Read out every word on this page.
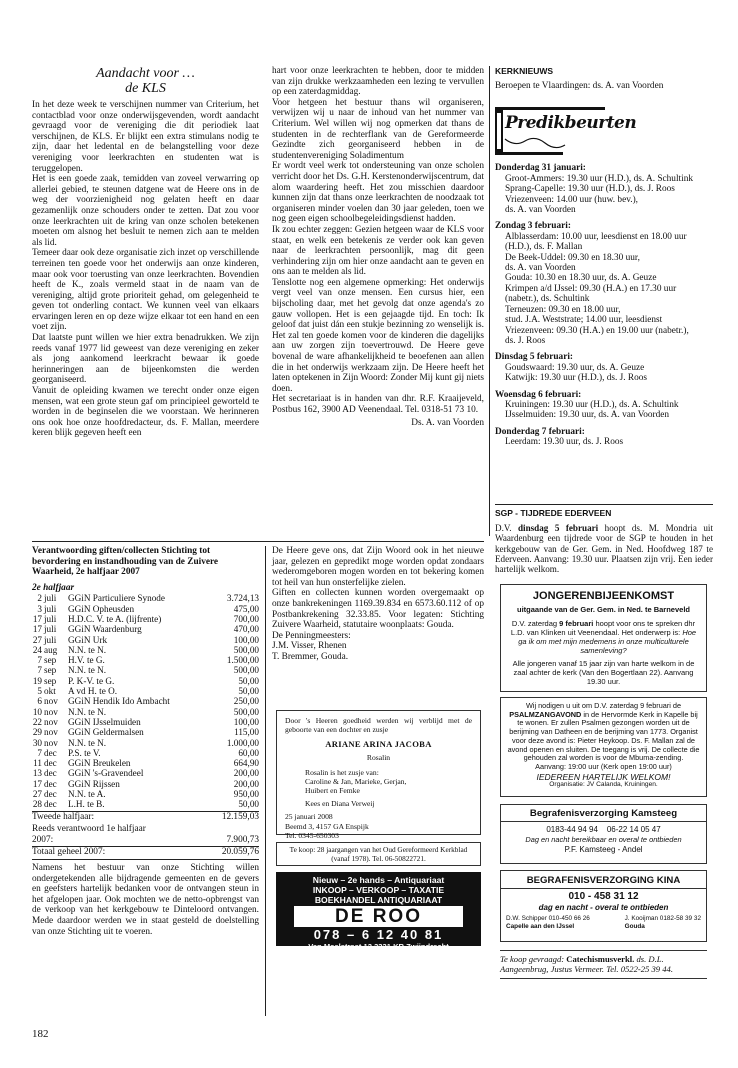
Aandacht voor …
de KLS

In het deze week te verschijnen nummer van Criterium, het contactblad voor onze onderwijsgevenden, wordt aandacht gevraagd voor de vereniging die dit periodiek laat verschijnen, de KLS. Er blijkt een extra stimulans nodig te zijn, daar het ledental en de belangstelling voor deze vereniging voor leerkrachten en studenten wat is teruggelopen.

Het is een goede zaak, temidden van zoveel verwarring op allerlei gebied, te steunen datgene wat de Heere ons in de weg der voorzienigheid nog gelaten heeft en daar gezamenlijk onze schouders onder te zetten. Dat zou voor onze leerkrachten uit de kring van onze scholen betekenen moeten om alsnog het besluit te nemen zich aan te melden als lid.

Temeer daar ook deze organisatie zich inzet op verschillende terreinen ten goede voor het onderwijs aan onze kinderen, maar ook voor toerusting van onze leerkrachten. Bovendien heeft de K., zoals vermeld staat in de naam van de vereniging, altijd grote prioriteit gehad, om gelegenheid te geven tot onderling contact. We kunnen veel van elkaars ervaringen leren en op deze wijze elkaar tot een hand en een voet zijn.

Dat laatste punt willen we hier extra benadrukken. We zijn reeds vanaf 1977 lid geweest van deze vereniging en zeker als jong aankomend leerkracht bewaar ik goede herinneringen aan de bijeenkomsten die werden georganiseerd.

Vanuit de opleiding kwamen we terecht onder onze eigen mensen, wat een grote steun gaf om principieel geworteld te worden in de beginselen die we voorstaan. We herinneren ons ook hoe onze hoofdredacteur, ds. F. Mallan, meerdere keren blijk gegeven heeft een

hart voor onze leerkrachten te hebben, door te midden van zijn drukke werkzaamheden een lezing te vervullen op een zaterdagmiddag.

Voor hetgeen het bestuur thans wil organiseren, verwijzen wij u naar de inhoud van het nummer van Criterium. Wel willen wij nog opmerken dat thans de studenten in de rechterflank van de Gereformeerde Gezindte zich georganiseerd hebben in de studentenvereniging Soladimentum

Er wordt veel werk tot ondersteuning van onze scholen verricht door het Ds. G.H. Kerstenonderwijscentrum, dat alom waardering heeft. Het zou misschien daardoor kunnen zijn dat thans onze leerkrachten de noodzaak tot organiseren minder voelen dan 30 jaar geleden, toen we nog geen eigen schoolbegeleidingsdienst hadden.

Ik zou echter zeggen: Gezien hetgeen waar de KLS voor staat, en welk een betekenis ze verder ook kan geven naar de leerkrachten persoonlijk, mag dit geen verhindering zijn om hier onze aandacht aan te geven en ons aan te melden als lid.

Tenslotte nog een algemene opmerking: Het onderwijs vergt veel van onze mensen. Een cursus hier, een bijscholing daar, met het gevolg dat onze agenda's zo gauw vollopen. Het is een gejaagde tijd. En toch: Ik geloof dat juist dán een stukje bezinning zo wenselijk is. Het zal ten goede komen voor de kinderen die dagelijks aan uw zorgen zijn toevertrouwd. De Heere geve bovenal de ware afhankelijkheid te beoefenen aan allen die in het onderwijs werkzaam zijn. De Heere heeft het laten optekenen in Zijn Woord: Zonder Mij kunt gij niets doen.

Het secretariaat is in handen van dhr. R.F. Kraaijeveld, Postbus 162, 3900 AD Veenendaal. Tel. 0318-51 73 10.

Ds. A. van Voorden

KERKNIEUWS
Beroepen te Vlaardingen: ds. A. van Voorden
Predikbeurten
Donderdag 31 januari:
Groot-Ammers: 19.30 uur (H.D.), ds. A. Schultink
Sprang-Capelle: 19.30 uur (H.D.), ds. J. Roos
Vriezenveen: 14.00 uur (huw. bev.),
ds. A. van Voorden
Zondag 3 februari:
Alblasserdam: 10.00 uur, leesdienst en 18.00 uur
(H.D.), ds. F. Mallan
De Beek-Uddel: 09.30 en 18.30 uur,
ds. A. van Voorden
Gouda: 10.30 en 18.30 uur, ds. A. Geuze
Krimpen a/d IJssel: 09.30 (H.A.) en 17.30 uur
(nabetr.), ds. Schultink
Terneuzen: 09.30 en 18.00 uur,
stud. J.A. Weststrate; 14.00 uur, leesdienst
Vriezenveen: 09.30 (H.A.) en 19.00 uur (nabetr.),
ds. J. Roos
Dinsdag 5 februari:
Goudswaard: 19.30 uur, ds. A. Geuze
Katwijk: 19.30 uur (H.D.), ds. J. Roos
Woensdag 6 februari:
Kruiningen: 19.30 uur (H.D.), ds. A. Schultink
IJsselmuiden: 19.30 uur, ds. A. van Voorden
Donderdag 7 februari:
Leerdam: 19.30 uur, ds. J. Roos
SGP - TIJDREDE EDERVEEN
D.V. dinsdag 5 februari hoopt ds. M. Mondria uit Waardenburg een tijdrede voor de SGP te houden in het kerkgebouw van de Ger. Gem. in Ned. Hoofdweg 187 te Ederveen. Aanvang: 19.30 uur. Plaatsen zijn vrij. Een ieder hartelijk welkom.
JONGERENBIJEENKOMST
uitgaande van de Ger. Gem. in Ned. te Barneveld
D.V. zaterdag 9 februari hoopt voor ons te spreken dhr L.D. van Klinken uit Veenendaal. Het onderwerp is: Hoe ga ik om met mijn medemens in onze multiculturele samenleving?
Alle jongeren vanaf 15 jaar zijn van harte welkom in de zaal achter de kerk (Van den Bogertlaan 22). Aanvang 19.30 uur.
Wij nodigen u uit om D.V. zaterdag 9 februari de PSALMZANGAVOND in de Hervormde Kerk in Kapelle bij te wonen. Er zullen Psalmen gezongen worden uit de berijming van Datheen en de berijming van 1773. Organist voor deze avond is: Pieter Heykoop. Ds. F. Mallan zal de avond openen en sluiten. De toegang is vrij. De collecte die gehouden zal worden is voor de Mbuma-zending.
Aanvang: 19:00 uur (Kerk open 19:00 uur)
IEDEREEN HARTELIJK WELKOM!
Organisatie: JV Calanda, Kruiningen.
Begrafenisverzorging Kamsteeg
0183-44 94 94 06-22 14 05 47
Dag en nacht bereikbaar en overal te ontbieden
P.F. Kamsteeg - Andel
BEGRAFENISVERZORGING KINA
010 - 458 31 12
dag en nacht - overal te ontbieden
D.W. Schipper 010-450 66 26
Capelle aan den IJssel
J. Kooijman 0182-58 39 32
Gouda
Te koop gevraagd: Catechismusverkl. ds. D.L. Aangeenbrug, Justus Vermeer. Tel. 0522-25 39 44.
Verantwoording giften/collecten Stichting tot bevordering en instandhouding van de Zuivere Waarheid, 2e halfjaar 2007
2e halfjaar
2	juli	GGiN Particuliere Synode	3.724,13
3	juli	GGiN Opheusden	475,00
17	juli	H.D.C. V. te A. (lijfrente)	700,00
17	juli	GGiN Waardenburg	470,00
27	juli	GGiN Urk	100,00
24	aug	N.N. te N.	500,00
7	sep	H.V. te G.	1.500,00
7	sep	N.N. te N.	500,00
19	sep	P. K-V. te G.	50,00
5	okt	A vd H. te O.	50,00
6	nov	GGiN Hendik Ido Ambacht	250,00
10	nov	N.N. te N.	500,00
22	nov	GGiN IJsselmuiden	100,00
29	nov	GGiN Geldermalsen	115,00
30	nov	N.N. te N.	1.000,00
7	dec	P.S. te V.	60,00
11	dec	GGiN Breukelen	664,90
13	dec	GGiN 's-Gravendeel	200,00
17	dec	GGiN Rijssen	200,00
27	dec	N.N. te A.	950,00
28	dec	L.H. te B.	50,00
Tweede halfjaar:	12.159,03
Reeds verantwoord 1e halfjaar
2007:	7.900,73
Totaal geheel 2007:	20.059,76

Namens het bestuur van onze Stichting willen ondergetekenden alle bijdragende gemeenten en de gevers en geefsters hartelijk bedanken voor de ontvangen steun in het afgelopen jaar. Ook mochten we de netto-opbrengst van de verkoop van het kerkgebouw te Dinteloord ontvangen. Mede daardoor werden we in staat gesteld de doelstelling van onze Stichting uit te voeren.

De Heere geve ons, dat Zijn Woord ook in het nieuwe jaar, gelezen en gepredikt moge worden opdat zondaars wederomgeboren mogen worden en tot bekering komen tot heil van hun onsterfelijke zielen.

Giften en collecten kunnen worden overgemaakt op onze bankrekeningen 1169.39.834 en 6573.60.112 of op Postbankrekening 32.33.85. Voor legaten: Stichting Zuivere Waarheid, statutaire woonplaats: Gouda.

De Penningmeesters:

J.M. Visser, Rhenen

T. Bremmer, Gouda.

Door 's Heeren goedheid werden wij verblijd met de geboorte van een dochter en zusje
ARIANE ARINA JACOBA
Rosalin
Rosalin is het zusje van:
Caroline & Jan, Marieke, Gerjan,
Huibert en Femke
Kees en Diana Verweij
25 januari 2008
Beemd 3, 4157 GA Enspijk
Tel. 0345-650303
Te koop: 28 jaargangen van het Oud Gereformeerd Kerkblad (vanaf 1978). Tel. 06-50822721.
Nieuw – 2e hands – Antiquariaat
INKOOP – VERKOOP – TAXATIE
BOEKHANDEL ANTIQUARIAAT
DE ROO
078 – 6 12 40 81
Van Meelstraat 12 3331 KR Zwijndrecht
182
